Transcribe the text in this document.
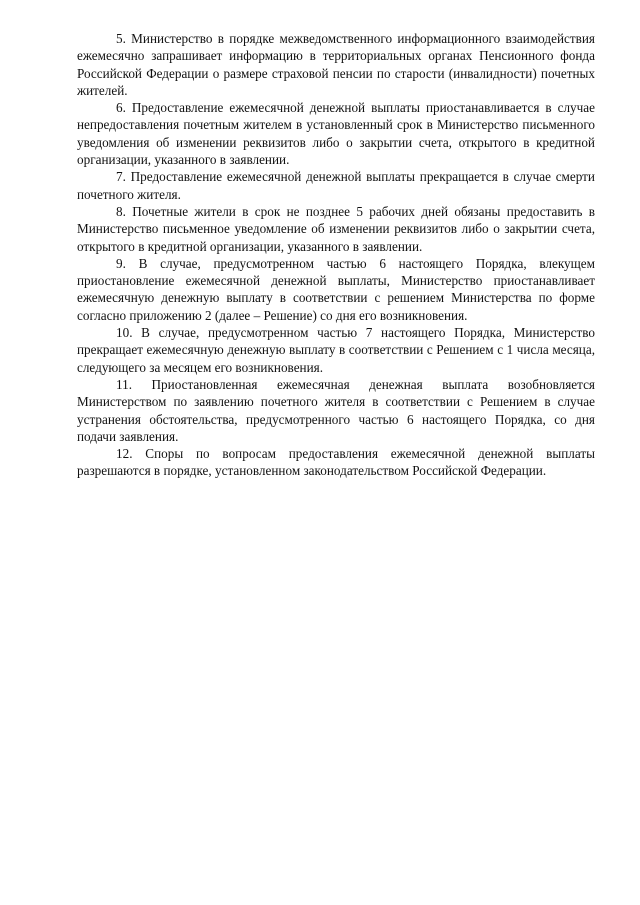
5. Министерство в порядке межведомственного информационного взаимодействия ежемесячно запрашивает информацию в территориальных органах Пенсионного фонда Российской Федерации о размере страховой пенсии по старости (инвалидности) почетных жителей.

6. Предоставление ежемесячной денежной выплаты приостанавливается в случае непредоставления почетным жителем в установленный срок в Министерство письменного уведомления об изменении реквизитов либо о закрытии счета, открытого в кредитной организации, указанного в заявлении.

7. Предоставление ежемесячной денежной выплаты прекращается в случае смерти почетного жителя.

8. Почетные жители в срок не позднее 5 рабочих дней обязаны предоставить в Министерство письменное уведомление об изменении реквизитов либо о закрытии счета, открытого в кредитной организации, указанного в заявлении.

9. В случае, предусмотренном частью 6 настоящего Порядка, влекущем приостановление ежемесячной денежной выплаты, Министерство приостанавливает ежемесячную денежную выплату в соответствии с решением Министерства по форме согласно приложению 2 (далее – Решение) со дня его возникновения.

10. В случае, предусмотренном частью 7 настоящего Порядка, Министерство прекращает ежемесячную денежную выплату в соответствии с Решением с 1 числа месяца, следующего за месяцем его возникновения.

11. Приостановленная ежемесячная денежная выплата возобновляется Министерством по заявлению почетного жителя в соответствии с Решением в случае устранения обстоятельства, предусмотренного частью 6 настоящего Порядка, со дня подачи заявления.

12. Споры по вопросам предоставления ежемесячной денежной выплаты разрешаются в порядке, установленном законодательством Российской Федерации.
